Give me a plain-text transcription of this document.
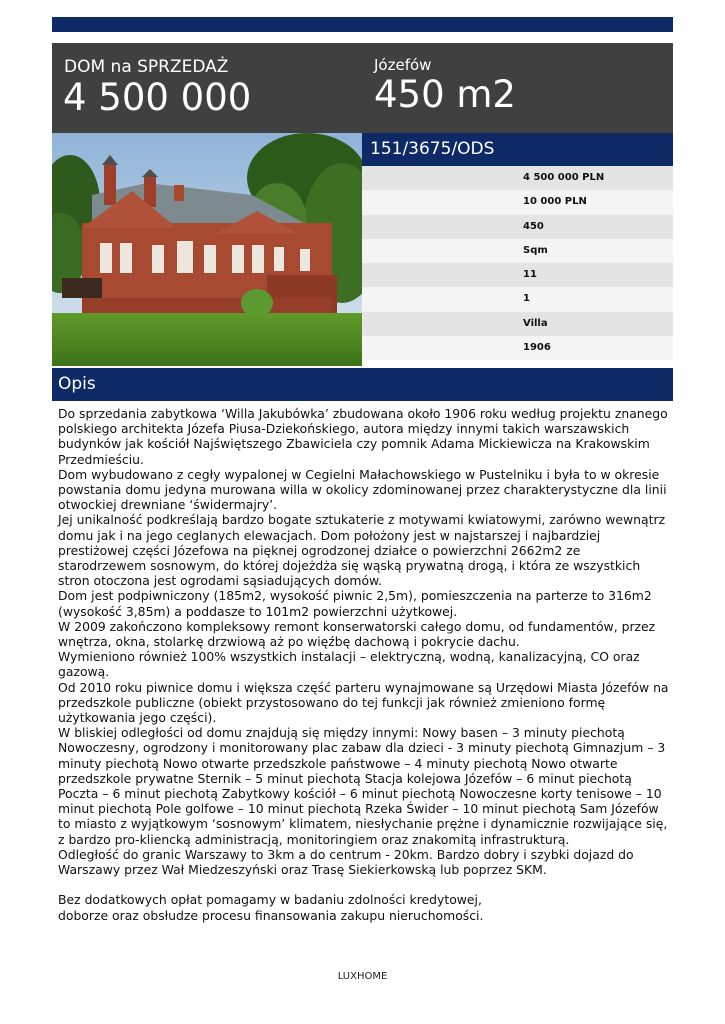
DOM na SPRZEDAŻ
4 500 000
Józefów
450 m2
151/3675/ODS
4 500 000 PLN
10 000 PLN
450
Sqm
11
1
Villa
1906
Opis

Do sprzedania zabytkowa ‘Willa Jakubówka’ zbudowana około 1906 roku według projektu znanego polskiego architekta Józefa Piusa-Dziekońskiego, autora między innymi takich warszawskich budynków jak kościół Najświętszego Zbawiciela czy pomnik Adama Mickiewicza na Krakowskim Przedmieściu.

Dom wybudowano z cegły wypalonej w Cegielni Małachowskiego w Pustelniku i była to w okresie powstania domu jedyna murowana willa w okolicy zdominowanej przez charakterystyczne dla linii otwockiej drewniane ‘świdermajry’.

Jej unikalność podkreślają bardzo bogate sztukaterie z motywami kwiatowymi, zarówno wewnątrz domu jak i na jego ceglanych elewacjach. Dom położony jest w najstarszej i najbardziej prestiżowej części Józefowa na pięknej ogrodzonej działce o powierzchni 2662m2 ze starodrzewem sosnowym, do której dojeżdża się wąską prywatną drogą, i która ze wszystkich stron otoczona jest ogrodami sąsiadujących domów.

Dom jest podpiwniczony (185m2, wysokość piwnic 2,5m), pomieszczenia na parterze to 316m2 (wysokość 3,85m) a poddasze to 101m2 powierzchni użytkowej.

W 2009 zakończono kompleksowy remont konserwatorski całego domu, od fundamentów, przez wnętrza, okna, stolarkę drzwiową aż po więźbę dachową i pokrycie dachu.

Wymieniono również 100% wszystkich instalacji – elektryczną, wodną, kanalizacyjną, CO oraz gazową.

Od 2010 roku piwnice domu i większa część parteru wynajmowane są Urzędowi Miasta Józefów na przedszkole publiczne (obiekt przystosowano do tej funkcji jak również zmieniono formę użytkowania jego części).

W bliskiej odległości od domu znajdują się między innymi: Nowy basen – 3 minuty piechotą Nowoczesny, ogrodzony i monitorowany plac zabaw dla dzieci - 3 minuty piechotą Gimnazjum – 3 minuty piechotą Nowo otwarte przedszkole państwowe – 4 minuty piechotą Nowo otwarte przedszkole prywatne Sternik – 5 minut piechotą Stacja kolejowa Józefów – 6 minut piechotą Poczta – 6 minut piechotą Zabytkowy kościół – 6 minut piechotą Nowoczesne korty tenisowe – 10 minut piechotą Pole golfowe – 10 minut piechotą Rzeka Świder – 10 minut piechotą Sam Józefów to miasto z wyjątkowym ‘sosnowym’ klimatem, niesłychanie prężne i dynamicznie rozwijające się, z bardzo pro-kliencką administracją, monitoringiem oraz znakomitą infrastrukturą.

Odległość do granic Warszawy to 3km a do centrum - 20km. Bardzo dobry i szybki dojazd do Warszawy przez Wał Miedzeszyński oraz Trasę Siekierkowską lub poprzez SKM.

Bez dodatkowych opłat pomagamy w badaniu zdolności kredytowej,

doborze oraz obsłudze procesu finansowania zakupu nieruchomości.

LUXHOME
